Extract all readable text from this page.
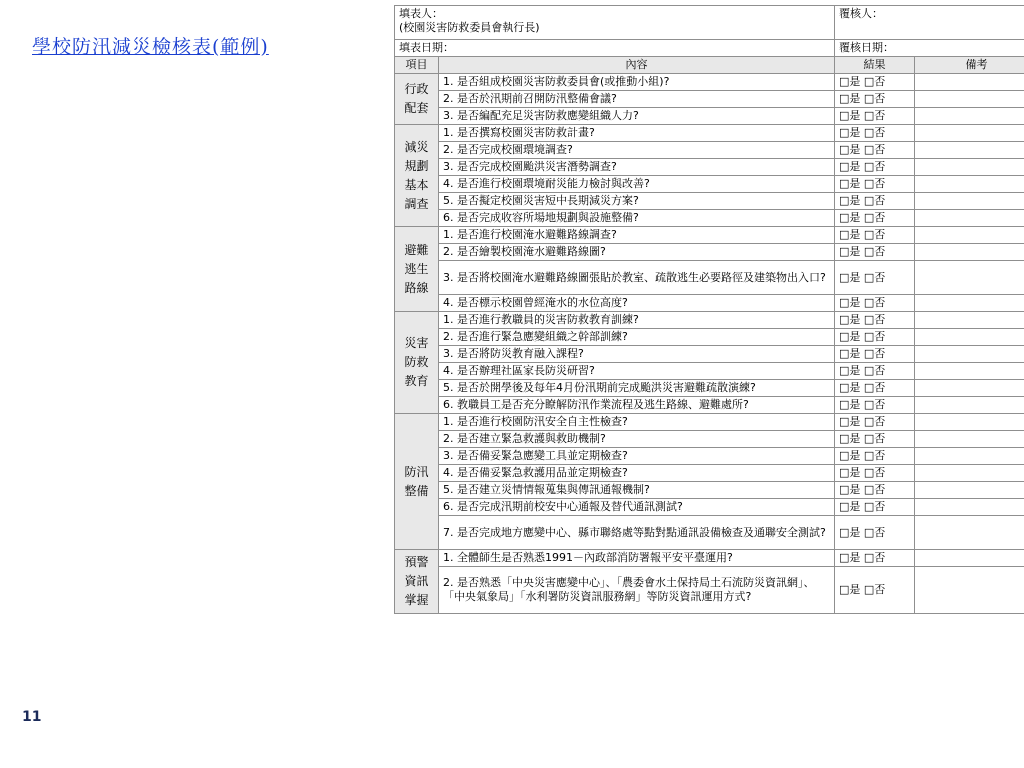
學校防汛減災檢核表(範例)
11
填表人：
(校園災害防救委員會執行長)		覆核人：	
填表日期：		覆核日期：	
項目	內容	結果	備考
行政
配套	1. 是否組成校園災害防救委員會(或推動小組)?	□是 □否	
	2. 是否於汛期前召開防汛整備會議?	□是 □否	
	3. 是否編配充足災害防救應變組織人力?	□是 □否	
減災
規劃
基本
調查	1. 是否撰寫校園災害防救計畫?	□是 □否	
	2. 是否完成校園環境調查?	□是 □否	
	3. 是否完成校園颱洪災害潛勢調查?	□是 □否	
	4. 是否進行校園環境耐災能力檢討與改善?	□是 □否	
	5. 是否擬定校園災害短中長期減災方案?	□是 □否	
	6. 是否完成收容所場地規劃與設施整備?	□是 □否	
避難
逃生
路線	1. 是否進行校園淹水避難路線調查?	□是 □否	
	2. 是否繪製校園淹水避難路線圖?	□是 □否	
	3. 是否將校園淹水避難路線圖張貼於教室、疏散逃生必要路徑及建築物出入口?	□是 □否	
	4. 是否標示校園曾經淹水的水位高度?	□是 □否	
災害
防救
教育	1. 是否進行教職員的災害防救教育訓練?	□是 □否	
	2. 是否進行緊急應變組織之幹部訓練?	□是 □否	
	3. 是否將防災教育融入課程?	□是 □否	
	4. 是否辦理社區家長防災研習?	□是 □否	
	5. 是否於開學後及每年4月份汛期前完成颱洪災害避難疏散演練?	□是 □否	
	6. 教職員工是否充分瞭解防汛作業流程及逃生路線、避難處所?	□是 □否	
防汛
整備	1. 是否進行校園防汛安全自主性檢查?	□是 □否	
	2. 是否建立緊急救護與救助機制?	□是 □否	
	3. 是否備妥緊急應變工具並定期檢查?	□是 □否	
	4. 是否備妥緊急救護用品並定期檢查?	□是 □否	
	5. 是否建立災情情報蒐集與傳訊通報機制?	□是 □否	
	6. 是否完成汛期前校安中心通報及替代通訊測試?	□是 □否	
	7. 是否完成地方應變中心、縣市聯絡處等點對點通訊設備檢查及通聯安全測試?	□是 □否	
預警
資訊
掌握	1. 全體師生是否熟悉1991－內政部消防署報平安平臺運用?	□是 □否	
	2. 是否熟悉「中央災害應變中心」、「農委會水土保持局土石流防災資訊網」、「中央氣象局」「水利署防災資訊服務網」等防災資訊運用方式?	□是 □否	
